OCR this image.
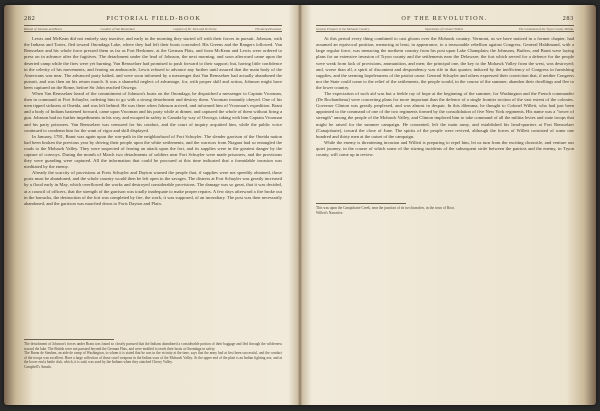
282	PICTORIAL FIELD-BOOK
Retreat of Johnson and Brant.	Conduct of Van Rensselaer.	Capture of Sir John and his Party.	Threatened Invasion.

Lewis and McKean did not entirely stay inactive, and early in the morning they started off with their forces in pursuit. Johnson, with the Indians and Tories, fled toward Onondaga Lake, where they had left their boats concealed. His Greens and the Rangers followed. Van Rensselaer and his whole force pressed them as far as Fort Herkimer, at the German Flats, and from McKean and Lewis were ordered to press on in advance after the fugitives. The detachment under the lead of Johnson, the next morning, and soon afterward came upon the deserted camp while the fires were yet burning. Van Rensselaer had promised to push forward to their support; but, having little confidence in the celerity of his movements, and fearing an ambuscade, Lewis refused to advance any further until assured that the main body of the Americans was near. The advanced party halted, and were soon informed by a messenger that Van Rensselaer had actually abandoned the pursuit, and was then on his return march. It was a shameful neglect of advantage, for, with proper skill and action, Johnson might have been captured on the Rome, before Sir John reached Oswego.

When Van Rensselaer heard of the commitment of Johnson's boats on the Onondaga, he dispatched a messenger to Captain Vrooman, then in command at Fort Schuyler, ordering him to go with a strong detachment and destroy them. Vrooman instantly obeyed. One of his men tipped sickness at Oneida, and was left behind. He was there when Johnson arrived, and informed him of Vrooman's expedition. Brant and a body of Indians hastened forward, came upon Vrooman and his party while at dinner, and captured the whole of them without firing a gun. Johnson had no further impediments in his way, and escaped in safety to Canada by way of Oswego, taking with him Captain Vrooman and his party prisoners. Van Rensselaer was censured for his conduct, and the court of inquiry acquitted him, while the public voice continued to condemn him for the want of vigor and skill displayed.

In January, 1781, Brant was again upon the war-path in the neighborhood of Fort Schuyler. The slender garrison of the Oneida nation had been broken the previous year by driving their people upon the white settlements, and the warriors from Niagara had so entangled the roads to the Mohawk Valley. They were suspected of fearing an attack upon the fort, and its supplies were in the greatest danger by the capture of convoys. During the month of March two detachments of soldiers near Fort Schuyler were made prisoners, and the provisions they were guarding were captured. All the information that could be procured at this time indicated that a formidable invasion was meditated by the enemy.

Already the scarcity of provisions at Forts Schuyler and Dayton warned the people that, if supplies were not speedily obtained, those posts must be abandoned, and the whole country would then be left open to the savages. The distress at Fort Schuyler was greatly increased by a flood early in May, which overflowed the works and destroyed considerable provisions. The damage was so great, that it was decided, at a council of officers, that the strength of the garrison was totally inadequate to make proper repairs. A few days afterward a fire broke out in the barracks, the destruction of the fort was completed by fire, the work, it was supposed, of an incendiary. The post was then necessarily abandoned, and the garrison was marched down to Forts Dayton and Plain.

The detachment of Johnson's forces under Brant was found so closely pursued that the Indians abandoned a considerable portion of their baggage and fled through the wilderness toward the lake. The British were not pursued beyond the German Flats, and were enabled to reach their boats at Onondaga in safety.

The Baron de Steuben, an aide de camp of Washington, to whom it is stated that he was in the vicinity at the time, says that the army had at first been successful, and the conduct of the troops was excellent. Have a large collection of those cruel weapons in the Indian wars of the Mohawk Valley. At the upper end of the plate is an Indian fighting axe, and at the lower end a battle club, which, it is said, was used by the Indians when they attacked Cherry Valley.

Campbell's Annals.

OF THE REVOLUTION.	283
Gloomy Prospect in the Mohawk Country.	Operations of Colonel Willett.	The Command of the Tryon County Militia.

At this period every thing combined to cast gloom over the Mohawk country. Vermont, as we have noticed in a former chapter, had assumed an equivocal position, menacing at least, in appearance, to a treasonable rebellion against Congress. General Haldimand, with a large regular force, was menacing the northern country from his post upon Lake Champlain; the Johnsons, Butlers, and Brant were laying plans for an extensive invasion of Tryon county and the settlements near the Delaware; the fort which served for a defence for the people were weak from lack of provisions, ammunition, and men; the principal one, the key to the Mohawk Valley from the west, was destroyed; and, worse than all, a spirit of discontent and despondency was rife in that quarter, induced by the inefficiency of Congress in furnishing supplies, and the seeming hopelessness of the patriot cause. General Schuyler and others expressed their conviction that, if neither Congress nor the State could come to the relief of the settlements, the people would, in the course of the summer, abandon their dwellings and flee to the lower country.

The expectation of such aid was but a feeble ray of hope at the beginning of the summer, for Washington and the French commander (De Rochambeau) were concerting plans for more important than the defence of a single frontier section of the vast extent of the colonies. Governor Clinton was greatly perplexed, and was almost in despair. In this dilemma, he thought to Colonel Willett, who had just been appointed to the command of one of the two regiments formed by the consolidation of five New York regiments. His name was a "tower of strength" among the people of the Mohawk Valley, and Clinton implored him to take command of all the militia levies and state troops that might be raised for the summer campaign. He consented, left the main army, and established his head-quarters at Fort Rensselaer (Canajoharie), toward the close of June. The spirits of the people were revived, although the forces of Willett consisted of some one hundred and thirty men at the outset of the campaign.

While the enemy is threatening invasion and Willett is preparing to repel him, let us turn from the exciting chronicle, and venture our quiet journey, in the course of which some of the stirring incidents of the subsequent strife between the patriots and the enemy, in Tryon county, will come up in review.

This was upon the Canajoharie Creek, near the junction of its two branches, in the town of Root.

Willett's Narrative.
